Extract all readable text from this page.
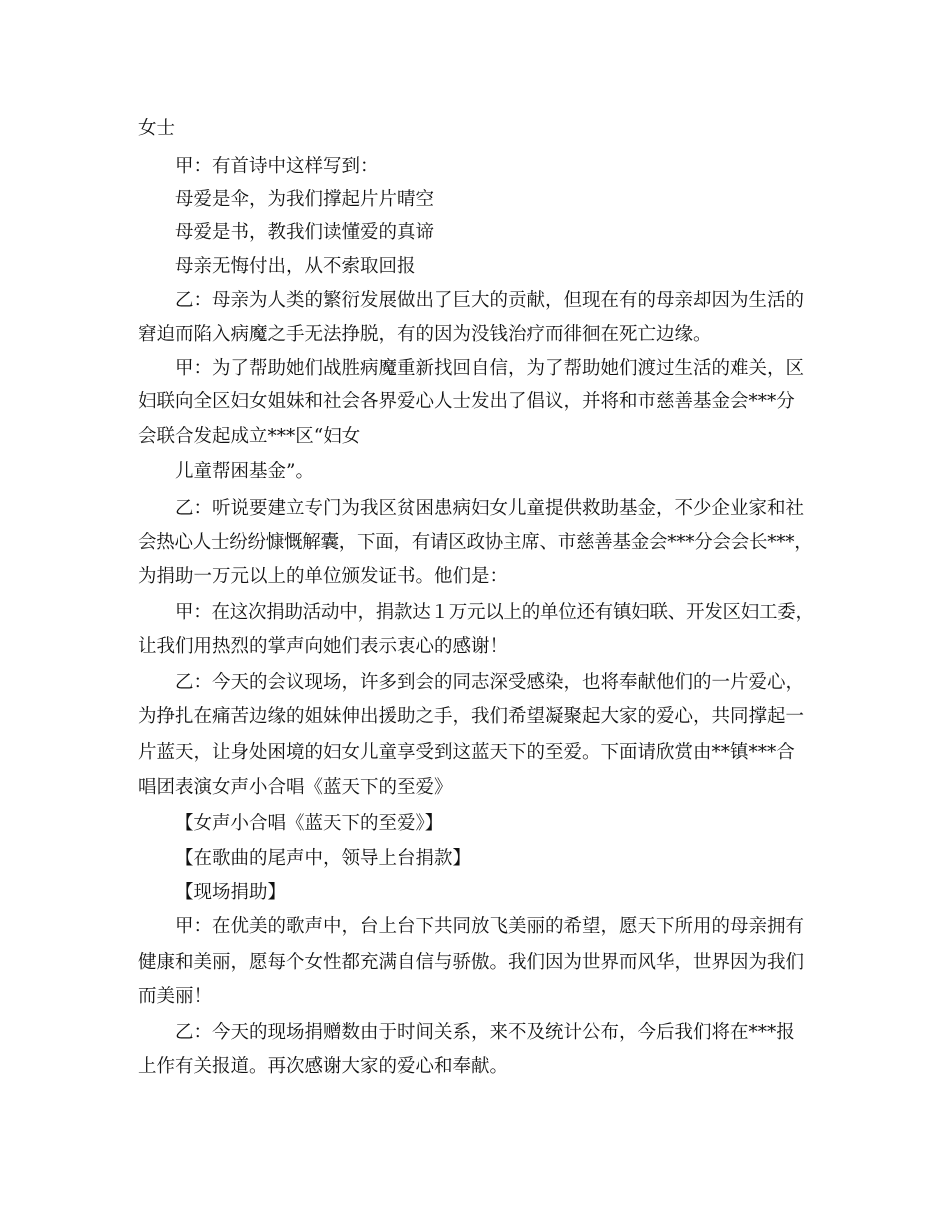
女士
甲：有首诗中这样写到：
母爱是伞，为我们撑起片片晴空
母爱是书，教我们读懂爱的真谛
母亲无悔付出，从不索取回报
乙：母亲为人类的繁衍发展做出了巨大的贡献，但现在有的母亲却因为生活的
窘迫而陷入病魔之手无法挣脱，有的因为没钱治疗而徘徊在死亡边缘。
甲：为了帮助她们战胜病魔重新找回自信，为了帮助她们渡过生活的难关，区
妇联向全区妇女姐妹和社会各界爱心人士发出了倡议，并将和市慈善基金会***分
会联合发起成立***区“妇女
儿童帮困基金”。
乙：听说要建立专门为我区贫困患病妇女儿童提供救助基金，不少企业家和社
会热心人士纷纷慷慨解囊，下面，有请区政协主席、市慈善基金会***分会会长***，
为捐助一万元以上的单位颁发证书。他们是：
甲：在这次捐助活动中，捐款达１万元以上的单位还有镇妇联、开发区妇工委，
让我们用热烈的掌声向她们表示衷心的感谢！
乙：今天的会议现场，许多到会的同志深受感染，也将奉献他们的一片爱心，
为挣扎在痛苦边缘的姐妹伸出援助之手，我们希望凝聚起大家的爱心，共同撑起一
片蓝天，让身处困境的妇女儿童享受到这蓝天下的至爱。下面请欣赏由**镇***合
唱团表演女声小合唱《蓝天下的至爱》
【女声小合唱《蓝天下的至爱》】
【在歌曲的尾声中，领导上台捐款】
【现场捐助】
甲：在优美的歌声中，台上台下共同放飞美丽的希望，愿天下所用的母亲拥有
健康和美丽，愿每个女性都充满自信与骄傲。我们因为世界而风华，世界因为我们
而美丽！
乙：今天的现场捐赠数由于时间关系，来不及统计公布，今后我们将在***报
上作有关报道。再次感谢大家的爱心和奉献。
